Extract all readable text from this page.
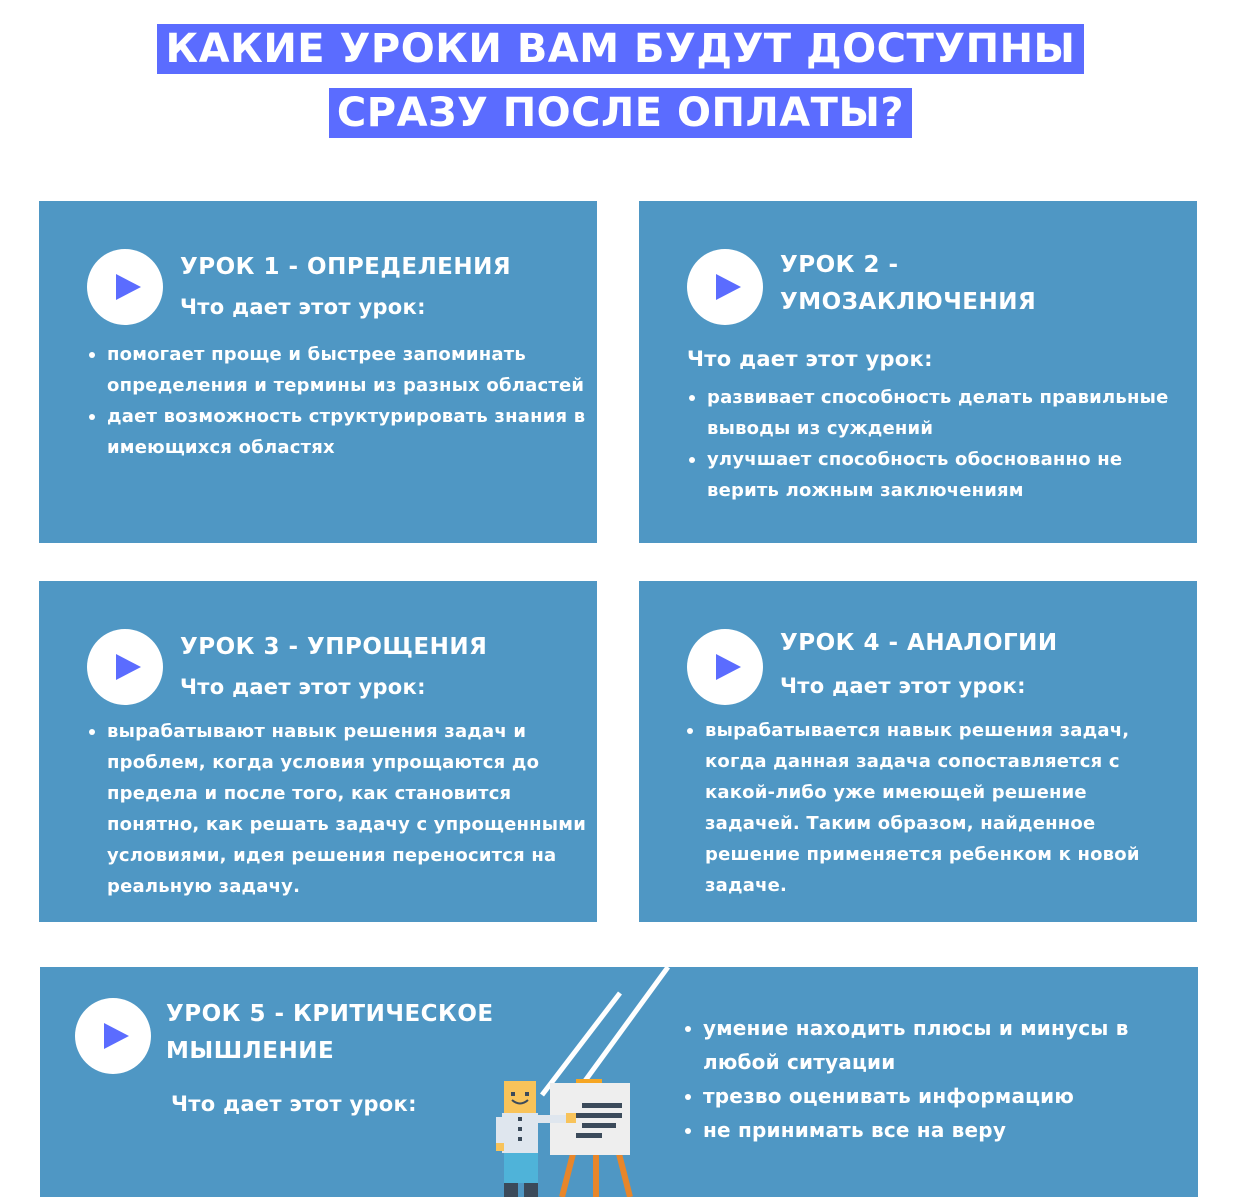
КАКИЕ УРОКИ ВАМ БУДУТ ДОСТУПНЫ
СРАЗУ ПОСЛЕ ОПЛАТЫ?
УРОК 1 - ОПРЕДЕЛЕНИЯ
Что дает этот урок:
помогает проще и быстрее запоминать
определения и термины из разных областей
дает возможность структурировать знания в
имеющихся областях
УРОК 2 -
УМОЗАКЛЮЧЕНИЯ
Что дает этот урок:
развивает способность делать правильные
выводы из суждений
улучшает способность обоснованно не
верить ложным заключениям
УРОК 3 - УПРОЩЕНИЯ
Что дает этот урок:
вырабатывают навык решения задач и
проблем, когда условия упрощаются до
предела и после того, как становится
понятно, как решать задачу с упрощенными
условиями, идея решения переносится на
реальную задачу.
УРОК 4 - АНАЛОГИИ
Что дает этот урок:
вырабатывается навык решения задач,
когда данная задача сопоставляется с
какой-либо уже имеющей решение
задачей. Таким образом, найденное
решение применяется ребенком к новой
задаче.
УРОК 5 - КРИТИЧЕСКОЕ
МЫШЛЕНИЕ
Что дает этот урок:
умение находить плюсы и минусы в
любой ситуации
трезво оценивать информацию
не принимать все на веру
